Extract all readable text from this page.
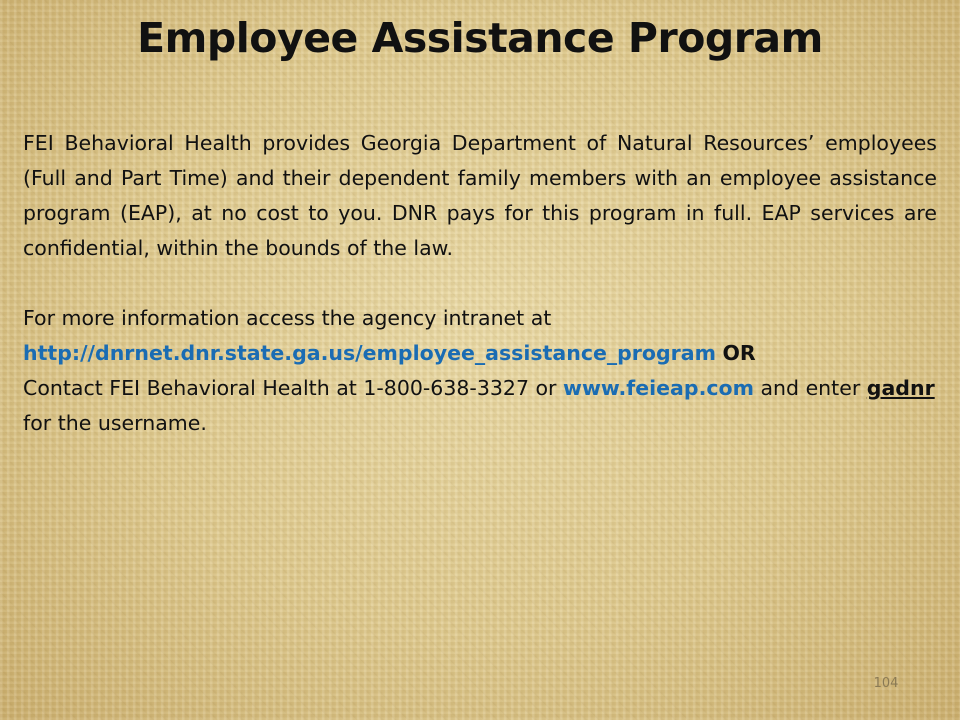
Employee Assistance Program

FEI Behavioral Health provides Georgia Department of Natural Resources’ employees (Full and Part Time) and their dependent family members with an employee assistance program (EAP), at no cost to you. DNR pays for this program in full. EAP services are confidential, within the bounds of the law.

For more information access the agency intranet at
http://dnrnet.dnr.state.ga.us/employee_assistance_program OR
Contact FEI Behavioral Health at 1-800-638-3327 or www.feieap.com and enter gadnr for the username.

104
